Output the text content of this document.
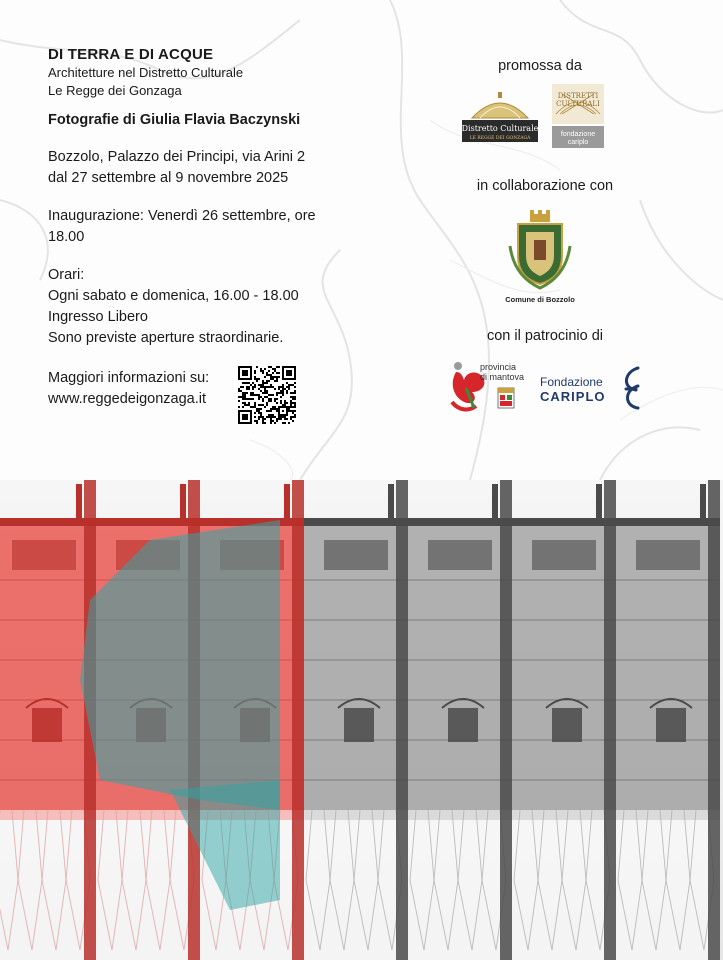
DI TERRA E DI ACQUE
Architetture nel Distretto Culturale
Le Regge dei Gonzaga
Fotografie di Giulia Flavia Baczynski
Bozzolo, Palazzo dei Principi, via Arini 2
dal 27 settembre al 9 novembre 2025
Inaugurazione: Venerdì 26 settembre, ore
18.00
Orari:
Ogni sabato e domenica, 16.00 - 18.00
Ingresso Libero
Sono previste aperture straordinarie.
Maggiori informazioni su:
www.reggedeigonzaga.it
promossa da
Distretto Culturale
LE REGGE DEI GONZAGA
DISTRETTI
CULTURALI
fondazione
cariplo
in collaborazione con
Comune di Bozzolo
con il patrocinio di
provincia
di mantova Fondazione
CARIPLO
